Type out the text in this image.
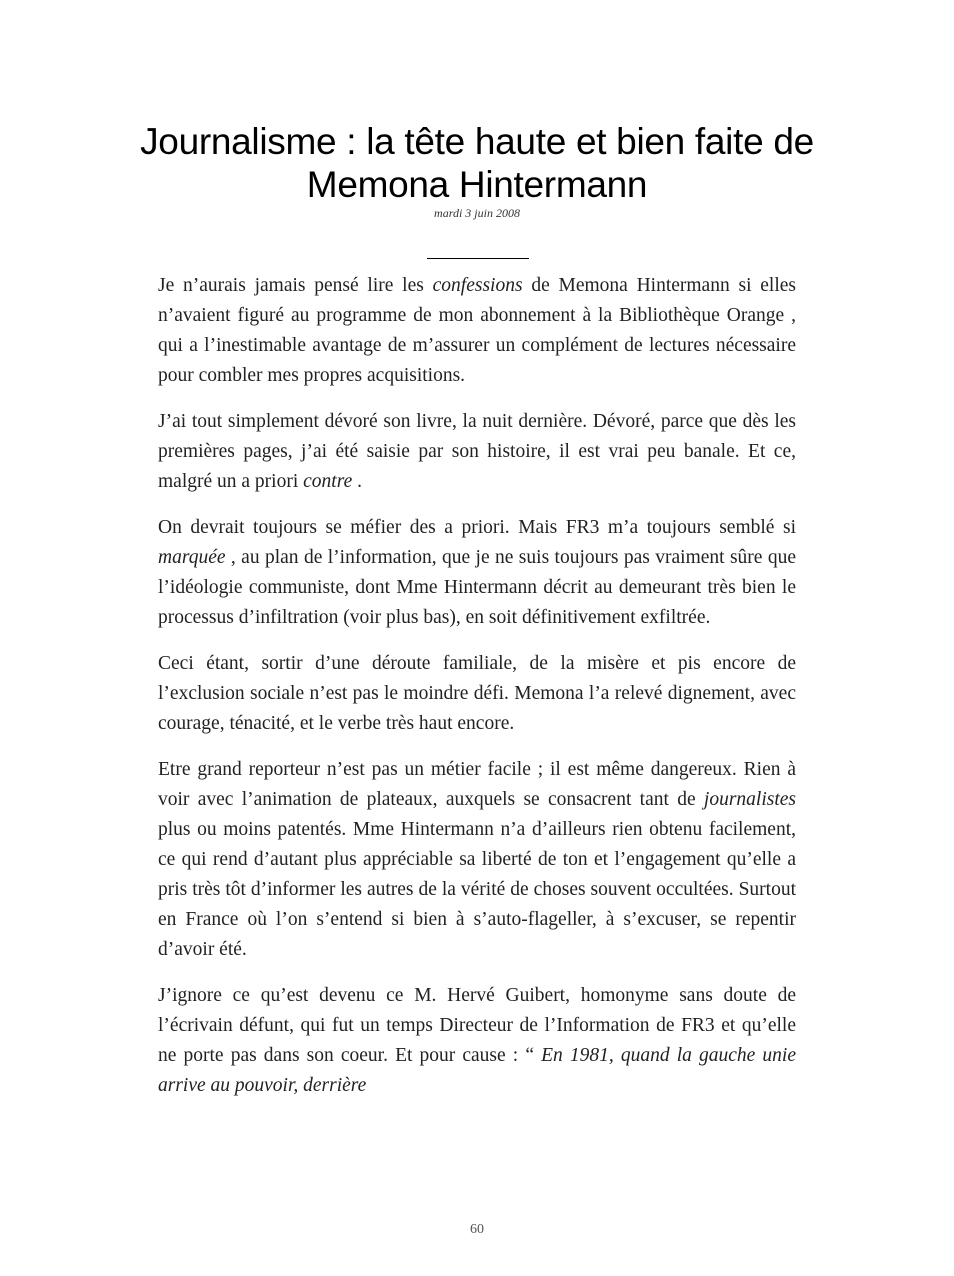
Journalisme : la tête haute et bien faite de Memona Hintermann
mardi 3 juin 2008

Je n’aurais jamais pensé lire les confessions de Memona Hintermann si elles n’avaient figuré au programme de mon abonnement à la Bibliothèque Orange , qui a l’inestimable avantage de m’assurer un complément de lectures nécessaire pour combler mes propres acquisitions.

J’ai tout simplement dévoré son livre, la nuit dernière. Dévoré, parce que dès les premières pages, j’ai été saisie par son histoire, il est vrai peu banale. Et ce, malgré un a priori contre .

On devrait toujours se méfier des a priori. Mais FR3 m’a toujours semblé si marquée , au plan de l’information, que je ne suis toujours pas vraiment sûre que l’idéologie communiste, dont Mme Hintermann décrit au demeurant très bien le processus d’infiltration (voir plus bas), en soit définitivement exfiltrée.

Ceci étant, sortir d’une déroute familiale, de la misère et pis encore de l’exclusion sociale n’est pas le moindre défi. Memona l’a relevé dignement, avec courage, ténacité, et le verbe très haut encore.

Etre grand reporteur n’est pas un métier facile ; il est même dangereux. Rien à voir avec l’animation de plateaux, auxquels se consacrent tant de journalistes plus ou moins patentés. Mme Hintermann n’a d’ailleurs rien obtenu facilement, ce qui rend d’autant plus appréciable sa liberté de ton et l’engagement qu’elle a pris très tôt d’informer les autres de la vérité de choses souvent occultées. Surtout en France où l’on s’entend si bien à s’auto-flageller, à s’excuser, se repentir d’avoir été.

J’ignore ce qu’est devenu ce M. Hervé Guibert, homonyme sans doute de l’écrivain défunt, qui fut un temps Directeur de l’Information de FR3 et qu’elle ne porte pas dans son coeur. Et pour cause : “ En 1981, quand la gauche unie arrive au pouvoir, derrière

60
